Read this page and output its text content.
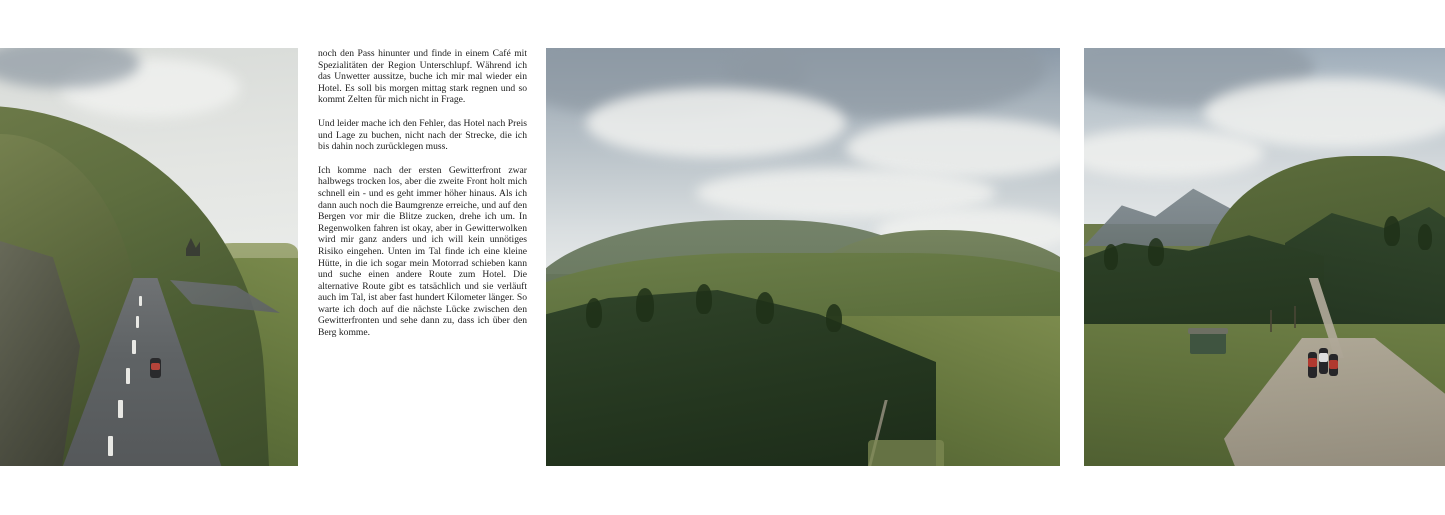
noch den Pass hinunter und finde in einem Café mit Spezialitäten der Region Unterschlupf. Während ich das Unwetter aussitze, buche ich mir mal wieder ein Hotel. Es soll bis morgen mittag stark regnen und so kommt Zelten für mich nicht in Frage.

Und leider mache ich den Fehler, das Hotel nach Preis und Lage zu buchen, nicht nach der Strecke, die ich bis dahin noch zurücklegen muss.

Ich komme nach der ersten Gewitterfront zwar halbwegs trocken los, aber die zweite Front holt mich schnell ein - und es geht immer höher hinaus. Als ich dann auch noch die Baumgrenze erreiche, und auf den Bergen vor mir die Blitze zucken, drehe ich um. In Regenwolken fahren ist okay, aber in Gewitterwolken wird mir ganz anders und ich will kein unnötiges Risiko eingehen. Unten im Tal finde ich eine kleine Hütte, in die ich sogar mein Motorrad schieben kann und suche einen andere Route zum Hotel. Die alternative Route gibt es tatsächlich und sie verläuft auch im Tal, ist aber fast hundert Kilometer länger. So warte ich doch auf die nächste Lücke zwischen den Gewitterfronten und sehe dann zu, dass ich über den Berg komme.
